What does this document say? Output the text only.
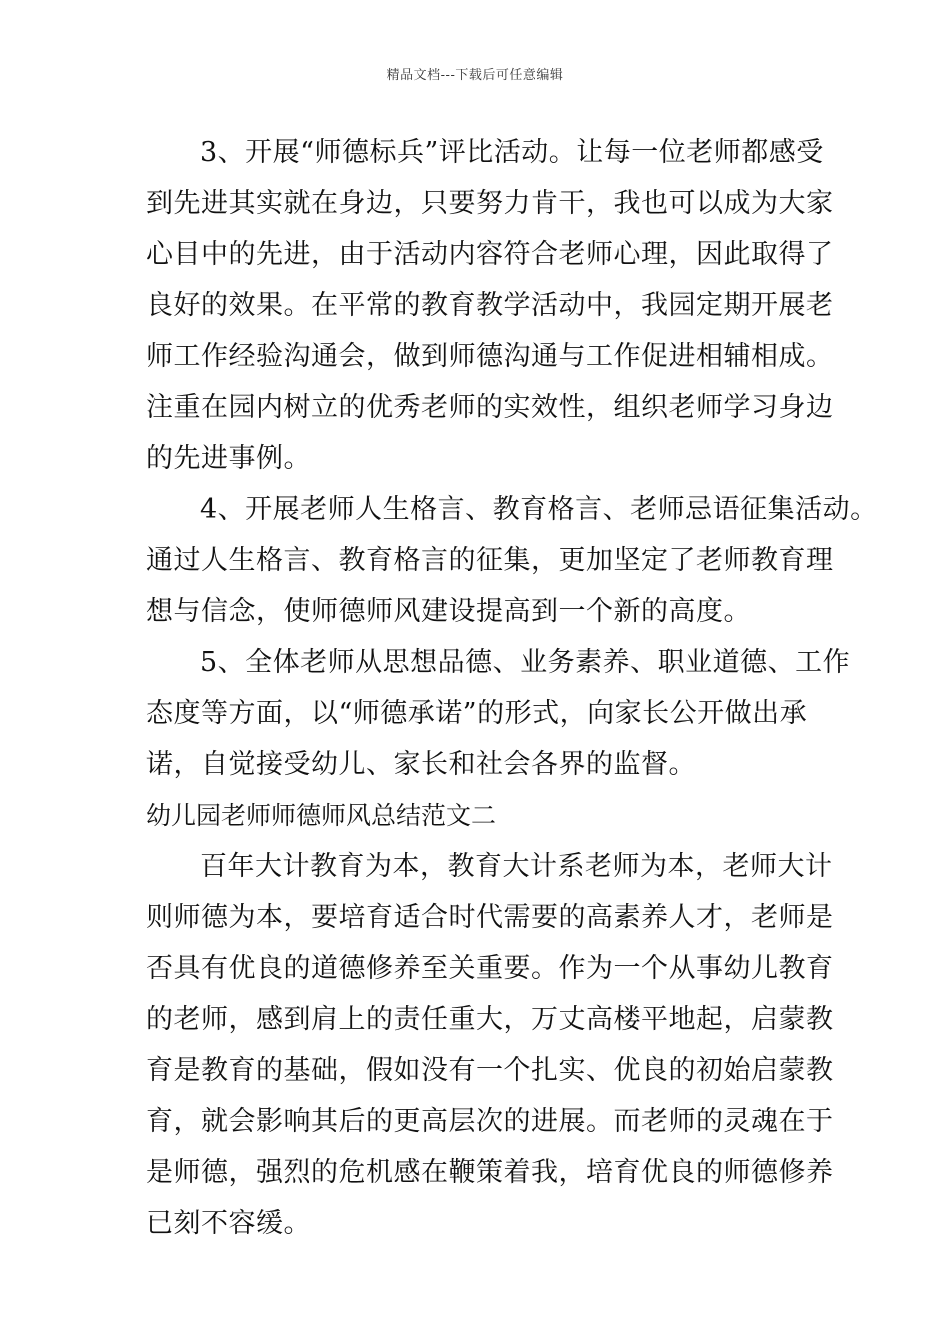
精品文档---下载后可任意编辑
3、开展“师德标兵”评比活动。让每一位老师都感受
到先进其实就在身边，只要努力肯干，我也可以成为大家
心目中的先进，由于活动内容符合老师心理，因此取得了
良好的效果。在平常的教育教学活动中，我园定期开展老
师工作经验沟通会，做到师德沟通与工作促进相辅相成。
注重在园内树立的优秀老师的实效性，组织老师学习身边
的先进事例。
4、开展老师人生格言、教育格言、老师忌语征集活动。
通过人生格言、教育格言的征集，更加坚定了老师教育理
想与信念，使师德师风建设提高到一个新的高度。
5、全体老师从思想品德、业务素养、职业道德、工作
态度等方面，以“师德承诺”的形式，向家长公开做出承
诺，自觉接受幼儿、家长和社会各界的监督。
幼儿园老师师德师风总结范文二
百年大计教育为本，教育大计系老师为本，老师大计
则师德为本，要培育适合时代需要的高素养人才，老师是
否具有优良的道德修养至关重要。作为一个从事幼儿教育
的老师，感到肩上的责任重大，万丈高楼平地起，启蒙教
育是教育的基础，假如没有一个扎实、优良的初始启蒙教
育，就会影响其后的更高层次的进展。而老师的灵魂在于
是师德，强烈的危机感在鞭策着我，培育优良的师德修养
已刻不容缓。
